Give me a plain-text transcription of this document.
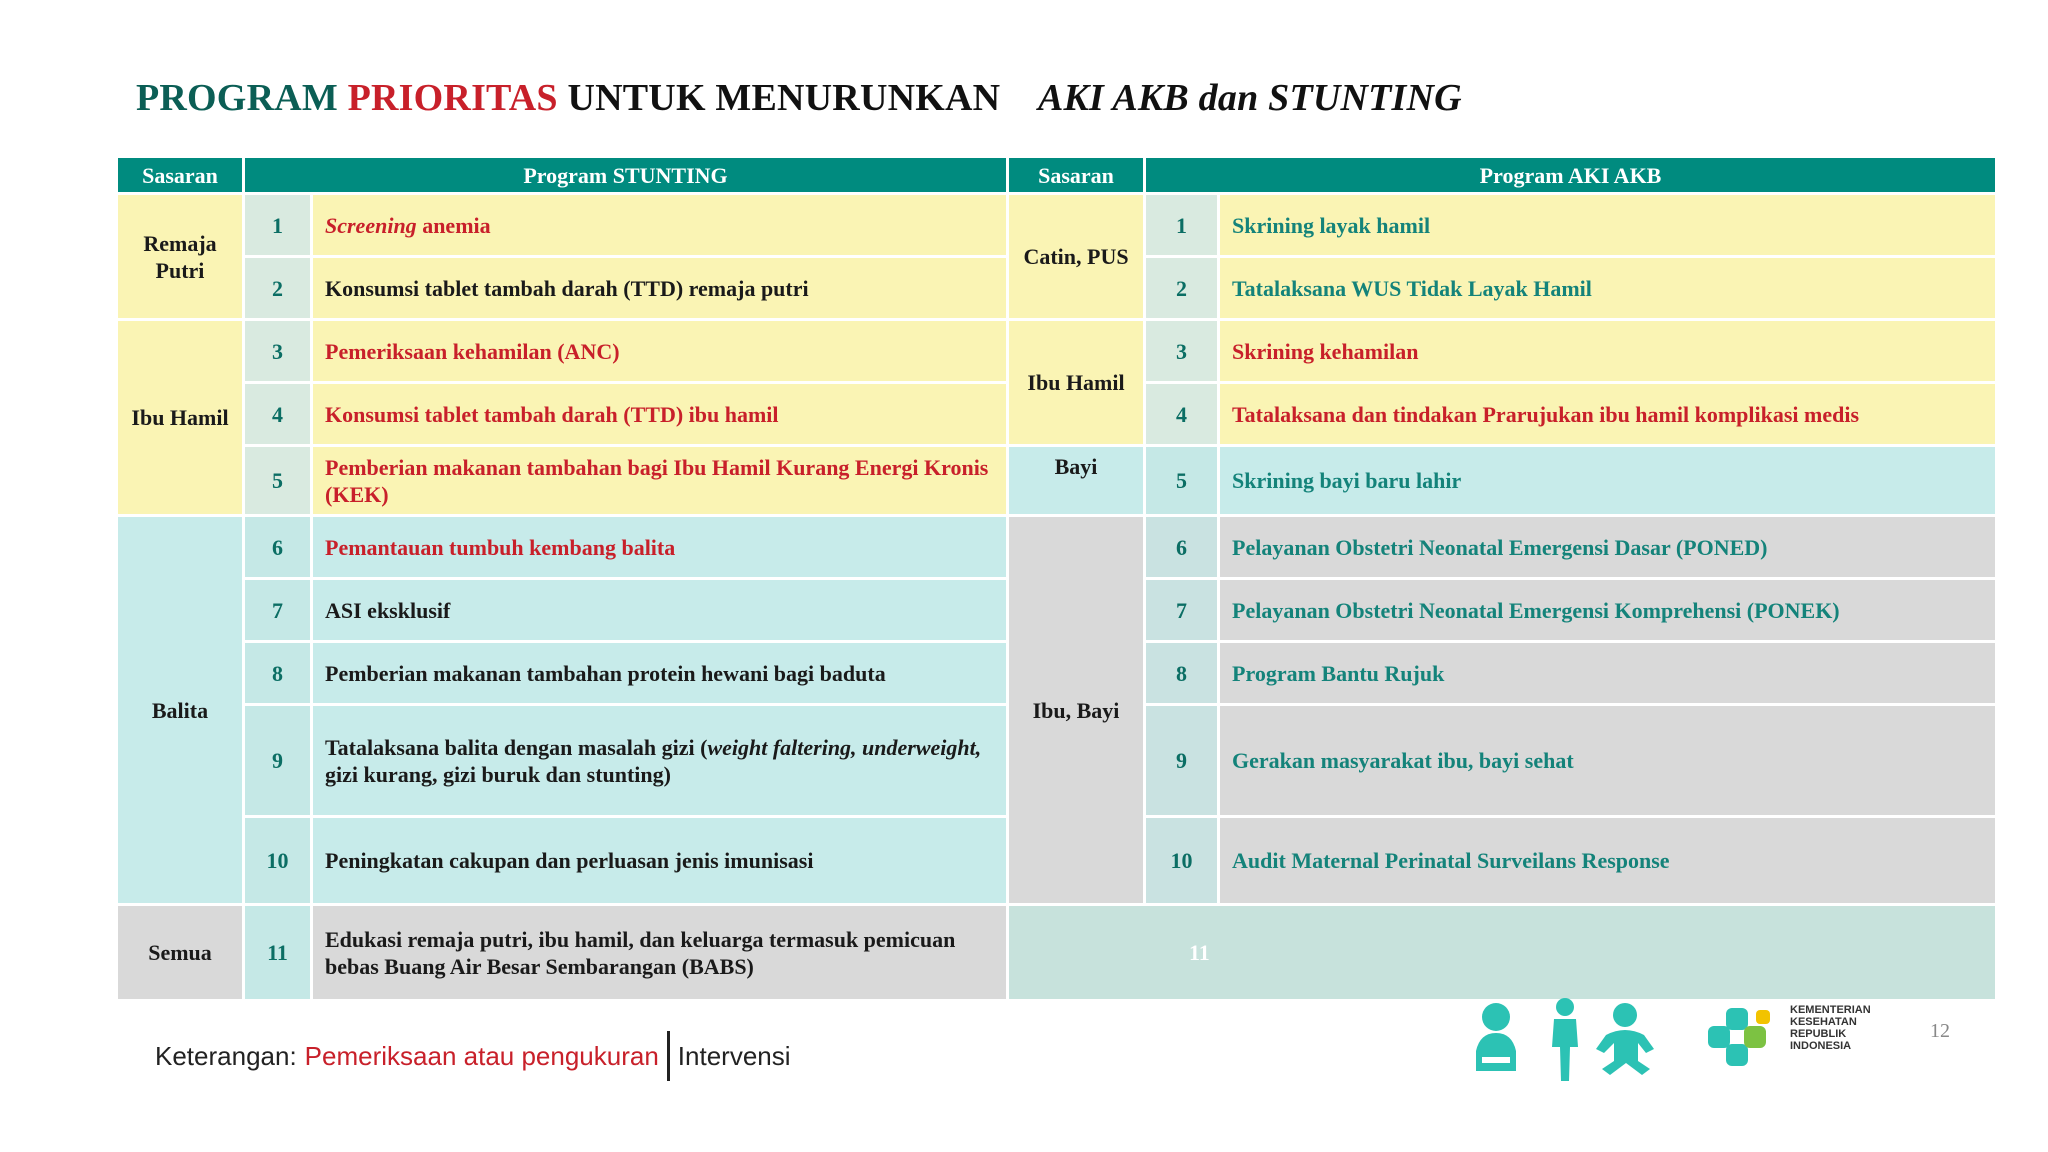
PROGRAM PRIORITAS UNTUK MENURUNKAN AKI AKB dan STUNTING
Sasaran	Program STUNTING		Sasaran	Program AKI AKB	
Remaja Putri	1	Screening anemia	Catin, PUS	1	Skrining layak hamil
	2	Konsumsi tablet tambah darah (TTD) remaja putri		2	Tatalaksana WUS Tidak Layak Hamil
Ibu Hamil	3	Pemeriksaan kehamilan (ANC)	Ibu Hamil	3	Skrining kehamilan
	4	Konsumsi tablet tambah darah (TTD) ibu hamil		4	Tatalaksana dan tindakan Prarujukan ibu hamil komplikasi medis
	5	Pemberian makanan tambahan bagi Ibu Hamil Kurang Energi Kronis (KEK)	Bayi	5	Skrining bayi baru lahir
Balita	6	Pemantauan tumbuh kembang balita	Ibu, Bayi	6	Pelayanan Obstetri Neonatal Emergensi Dasar (PONED)
	7	ASI eksklusif		7	Pelayanan Obstetri Neonatal Emergensi Komprehensi (PONEK)
	8	Pemberian makanan tambahan protein hewani bagi baduta		8	Program Bantu Rujuk
	9	Tatalaksana balita dengan masalah gizi (weight faltering, underweight, gizi kurang, gizi buruk dan stunting)		9	Gerakan masyarakat ibu, bayi sehat
	10	Peningkatan cakupan dan perluasan jenis imunisasi		10	Audit Maternal Perinatal Surveilans Response
Semua	11	Edukasi remaja putri, ibu hamil, dan keluarga termasuk pemicuan bebas Buang Air Besar Sembarangan (BABS)	11		
Keterangan: Pemeriksaan atau pengukuran Intervensi
KEMENTERIAN KESEHATAN REPUBLIK INDONESIA
12
